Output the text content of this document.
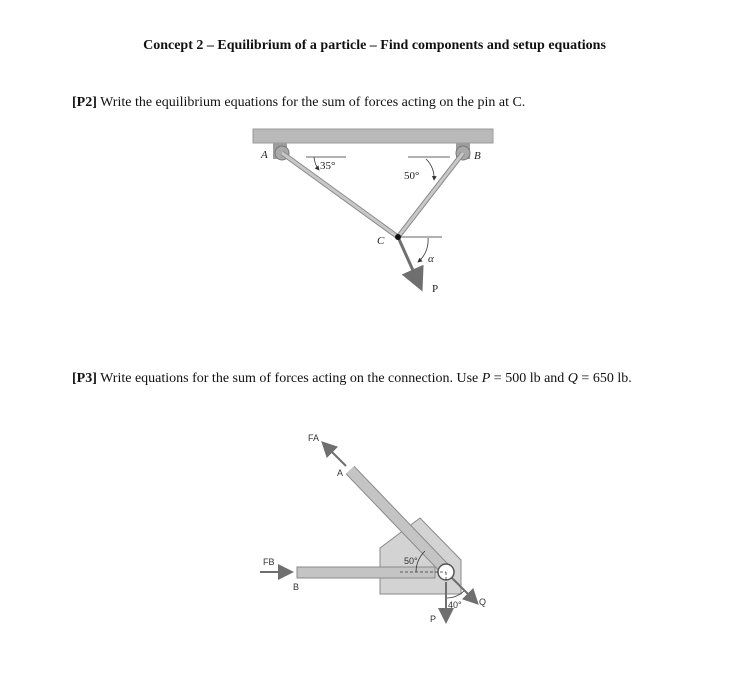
Concept 2 – Equilibrium of a particle – Find components and setup equations
[P2] Write the equilibrium equations for the sum of forces acting on the pin at C.
[P3] Write equations for the sum of forces acting on the connection. Use P = 500 lb and Q = 650 lb.
A	B
C
P
35°
50°
α
FA
FB
A
B
P
Q
50°
40°
